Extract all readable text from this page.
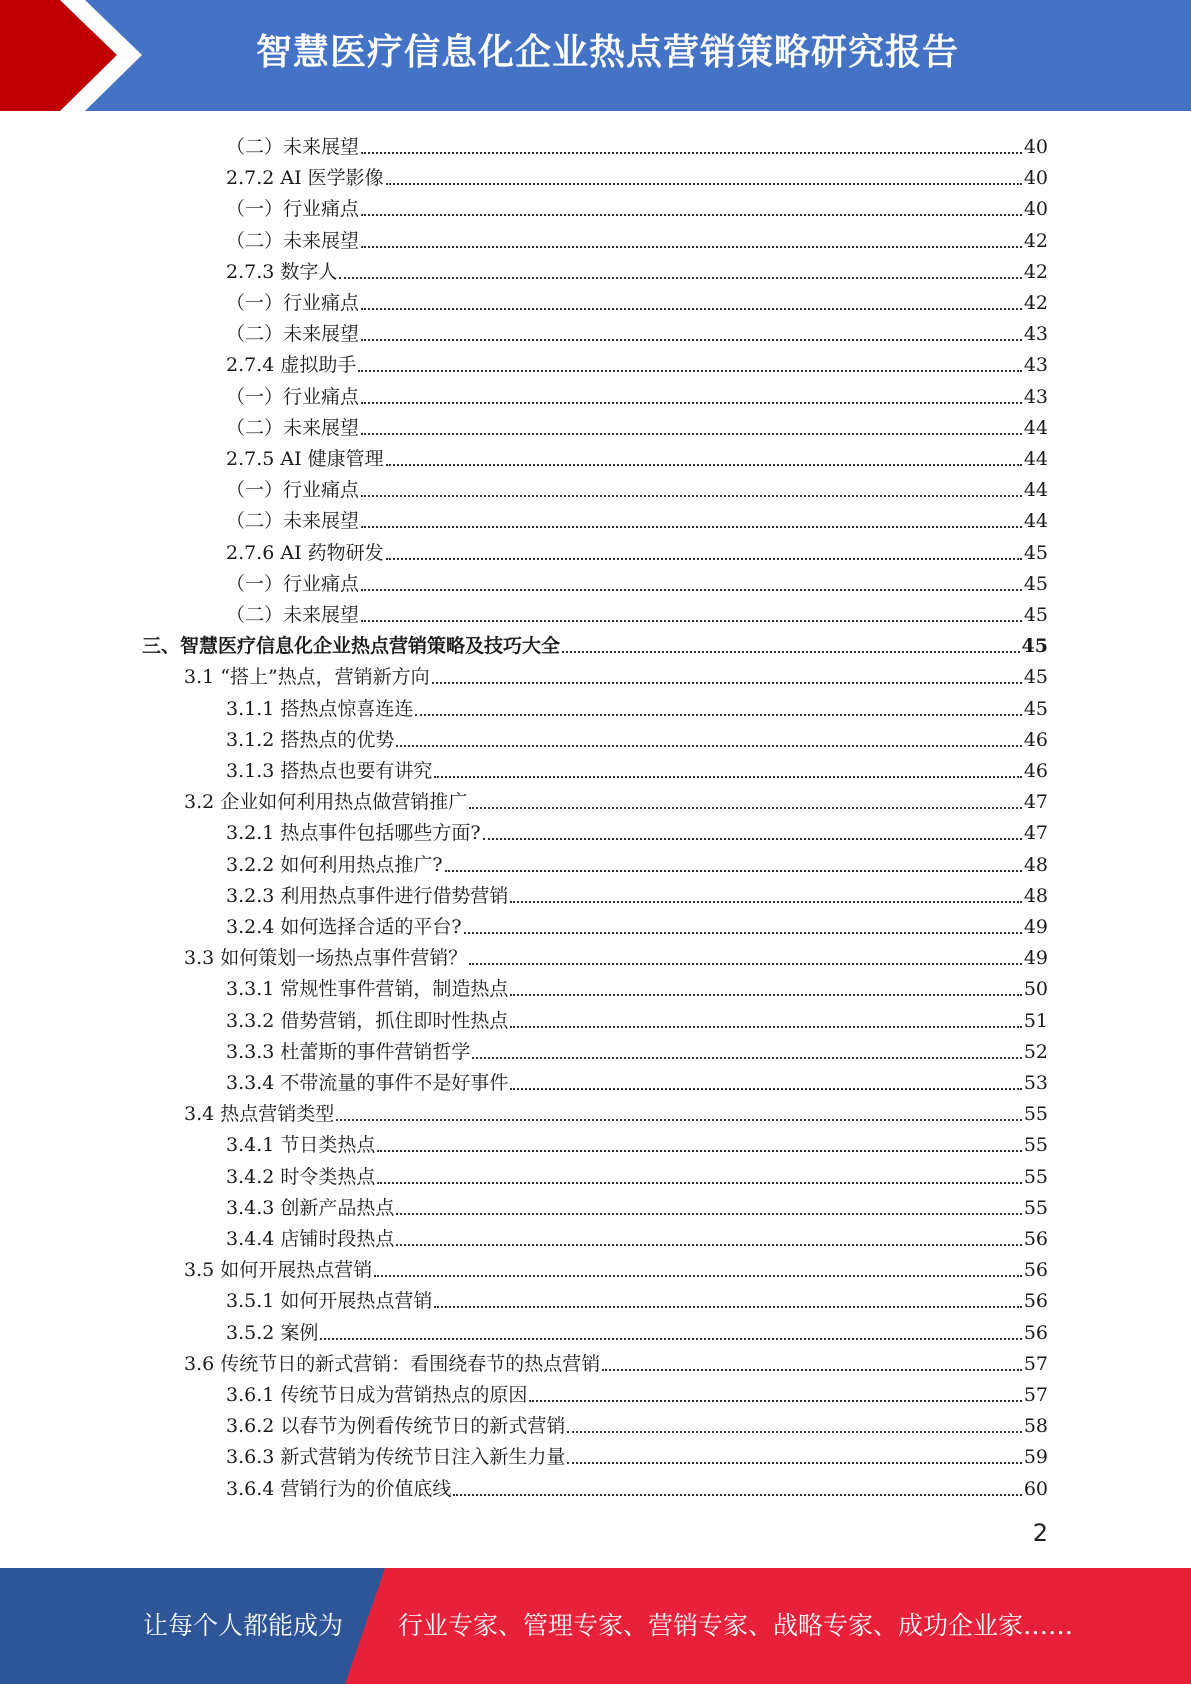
智慧医疗信息化企业热点营销策略研究报告
（二）未来展望	40
2.7.2 AI 医学影像	40
（一）行业痛点	40
（二）未来展望	42
2.7.3 数字人	42
（一）行业痛点	42
（二）未来展望	43
2.7.4 虚拟助手	43
（一）行业痛点	43
（二）未来展望	44
2.7.5 AI 健康管理	44
（一）行业痛点	44
（二）未来展望	44
2.7.6 AI 药物研发	45
（一）行业痛点	45
（二）未来展望	45
三、智慧医疗信息化企业热点营销策略及技巧大全	45
3.1 “搭上”热点，营销新方向	45
3.1.1 搭热点惊喜连连	45
3.1.2 搭热点的优势	46
3.1.3 搭热点也要有讲究	46
3.2 企业如何利用热点做营销推广	47
3.2.1 热点事件包括哪些方面?	47
3.2.2 如何利用热点推广?	48
3.2.3 利用热点事件进行借势营销	48
3.2.4 如何选择合适的平台?	49
3.3 如何策划一场热点事件营销？	49
3.3.1 常规性事件营销，制造热点	50
3.3.2 借势营销，抓住即时性热点	51
3.3.3 杜蕾斯的事件营销哲学	52
3.3.4 不带流量的事件不是好事件	53
3.4 热点营销类型	55
3.4.1 节日类热点	55
3.4.2 时令类热点	55
3.4.3 创新产品热点	55
3.4.4 店铺时段热点	56
3.5 如何开展热点营销	56
3.5.1 如何开展热点营销	56
3.5.2 案例	56
3.6 传统节日的新式营销：看围绕春节的热点营销	57
3.6.1 传统节日成为营销热点的原因	57
3.6.2 以春节为例看传统节日的新式营销	58
3.6.3 新式营销为传统节日注入新生力量	59
3.6.4 营销行为的价值底线	60
2
让每个人都能成为 行业专家、管理专家、营销专家、战略专家、成功企业家……
